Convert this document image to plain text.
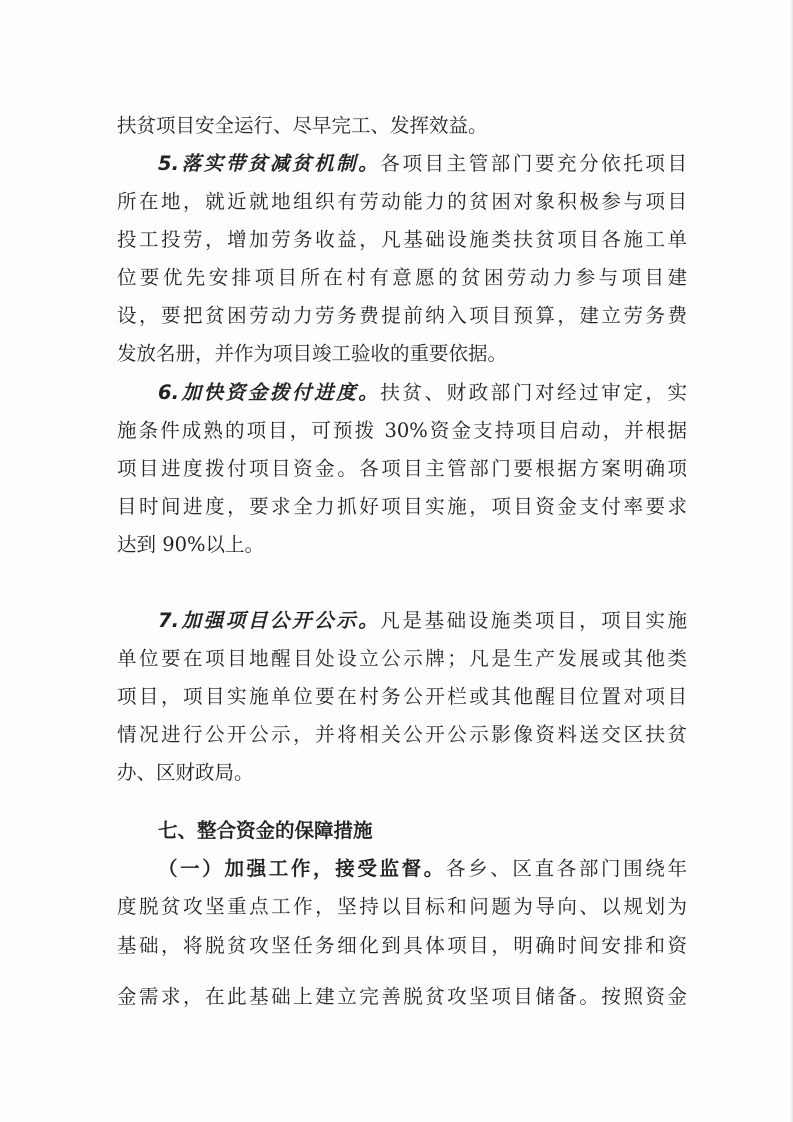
扶贫项目安全运行、尽早完工、发挥效益。
5.落实带贫减贫机制。各项目主管部门要充分依托项目
所在地，就近就地组织有劳动能力的贫困对象积极参与项目
投工投劳，增加劳务收益，凡基础设施类扶贫项目各施工单
位要优先安排项目所在村有意愿的贫困劳动力参与项目建
设，要把贫困劳动力劳务费提前纳入项目预算，建立劳务费
发放名册，并作为项目竣工验收的重要依据。
6.加快资金拨付进度。扶贫、财政部门对经过审定，实
施条件成熟的项目，可预拨 30%资金支持项目启动，并根据
项目进度拨付项目资金。各项目主管部门要根据方案明确项
目时间进度，要求全力抓好项目实施，项目资金支付率要求
达到 90%以上。
7.加强项目公开公示。凡是基础设施类项目，项目实施
单位要在项目地醒目处设立公示牌；凡是生产发展或其他类
项目，项目实施单位要在村务公开栏或其他醒目位置对项目
情况进行公开公示，并将相关公开公示影像资料送交区扶贫
办、区财政局。
七、整合资金的保障措施
（一）加强工作，接受监督。各乡、区直各部门围绕年
度脱贫攻坚重点工作，坚持以目标和问题为导向、以规划为
基础，将脱贫攻坚任务细化到具体项目，明确时间安排和资
金需求，在此基础上建立完善脱贫攻坚项目储备。按照资金
